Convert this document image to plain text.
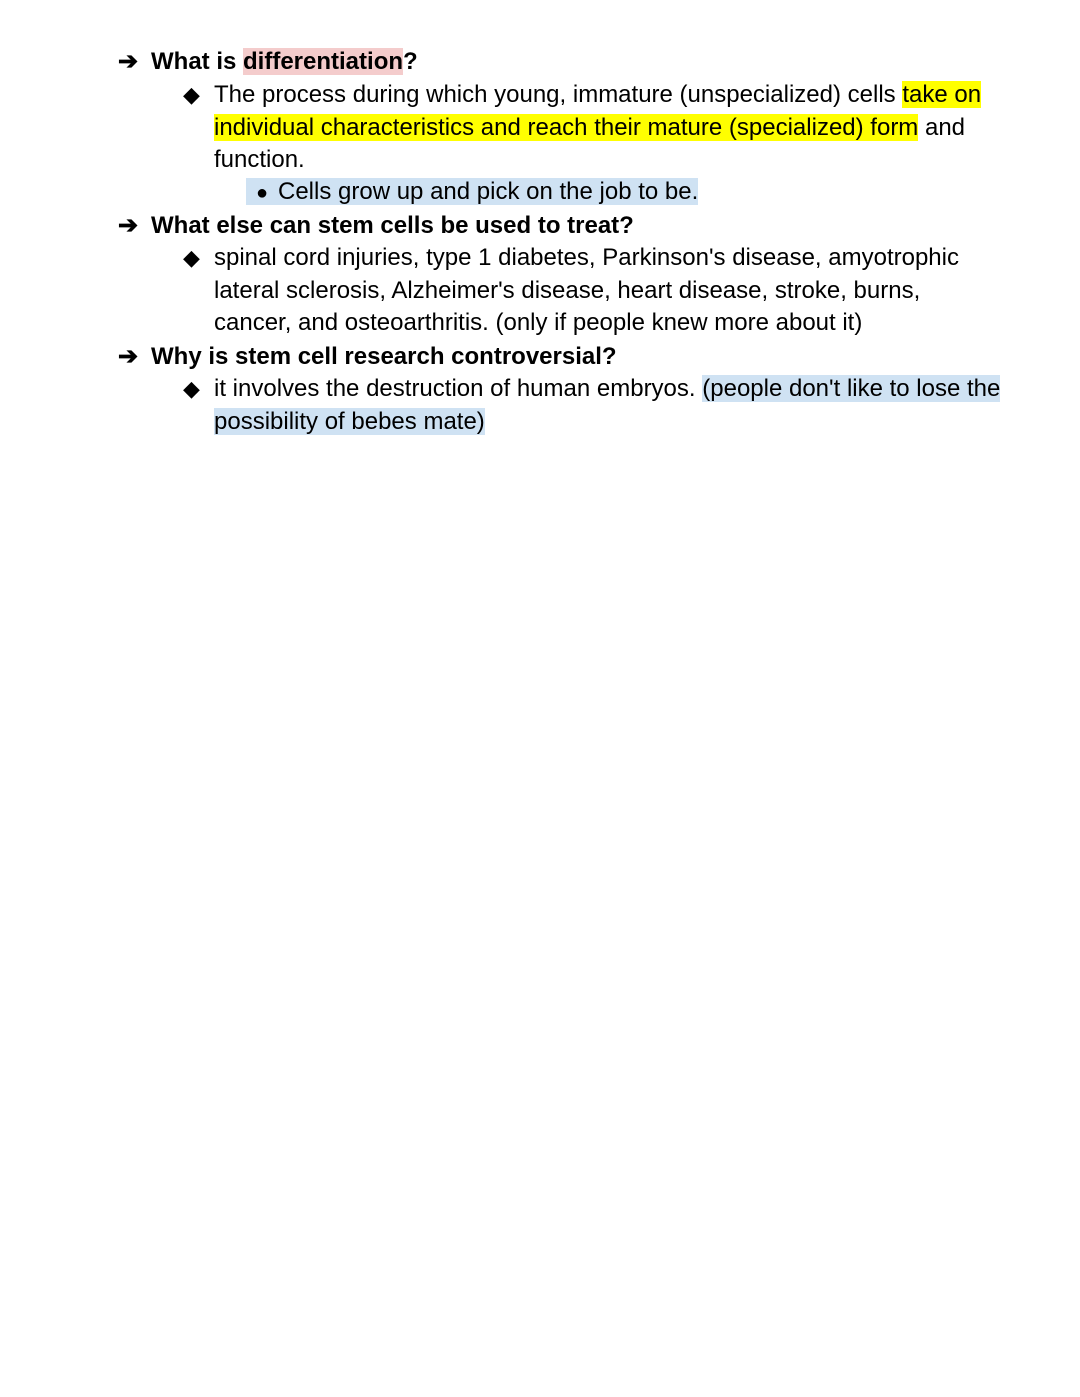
➔ What is differentiation?
◆ The process during which young, immature (unspecialized) cells take on individual characteristics and reach their mature (specialized) form and function.
● Cells grow up and pick on the job to be.
➔ What else can stem cells be used to treat?
◆ spinal cord injuries, type 1 diabetes, Parkinson's disease, amyotrophic lateral sclerosis, Alzheimer's disease, heart disease, stroke, burns, cancer, and osteoarthritis. (only if people knew more about it)
➔ Why is stem cell research controversial?
◆ it involves the destruction of human embryos. (people don't like to lose the possibility of bebes mate)
